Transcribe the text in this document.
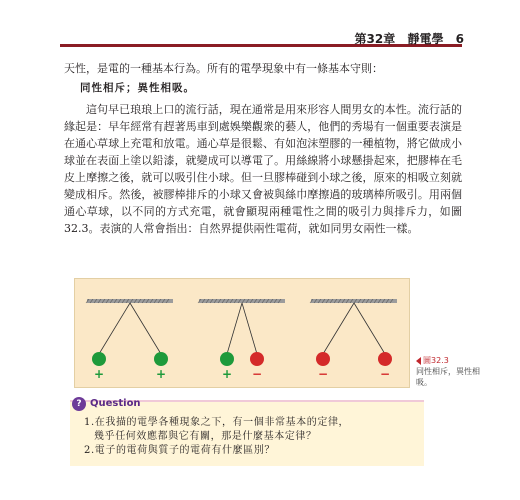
第32章 靜電學 6
天性，是電的一種基本行為。所有的電學現象中有一條基本守則：
同性相斥；異性相吸。
這句早已琅琅上口的流行話，現在通常是用來形容人間男女的本性。流行話的緣起是：早年經常有趕著馬車到處娛樂觀衆的藝人，他們的秀場有一個重要表演是在通心草球上充電和放電。通心草是很鬆、有如泡沫塑膠的一種植物，將它做成小球並在表面上塗以鉛漆，就變成可以導電了。用絲線將小球懸掛起來，把膠棒在毛皮上摩擦之後，就可以吸引住小球。但一旦膠棒碰到小球之後，原來的相吸立刻就變成相斥。然後，被膠棒排斥的小球又會被與絲巾摩擦過的玻璃棒所吸引。用兩個通心草球，以不同的方式充電，就會顯現兩種電性之間的吸引力與排斥力，如圖32.3。表演的人常會指出：自然界提供兩性電荷，就如同男女兩性一樣。
+	+	+ −	−	−
圖32.3
同性相斥，異性相吸。
? Question
1.在我描的電學各種現象之下，有一個非常基本的定律，
幾乎任何效應都與它有關，那是什麼基本定律？
2.電子的電荷與質子的電荷有什麼區別？
